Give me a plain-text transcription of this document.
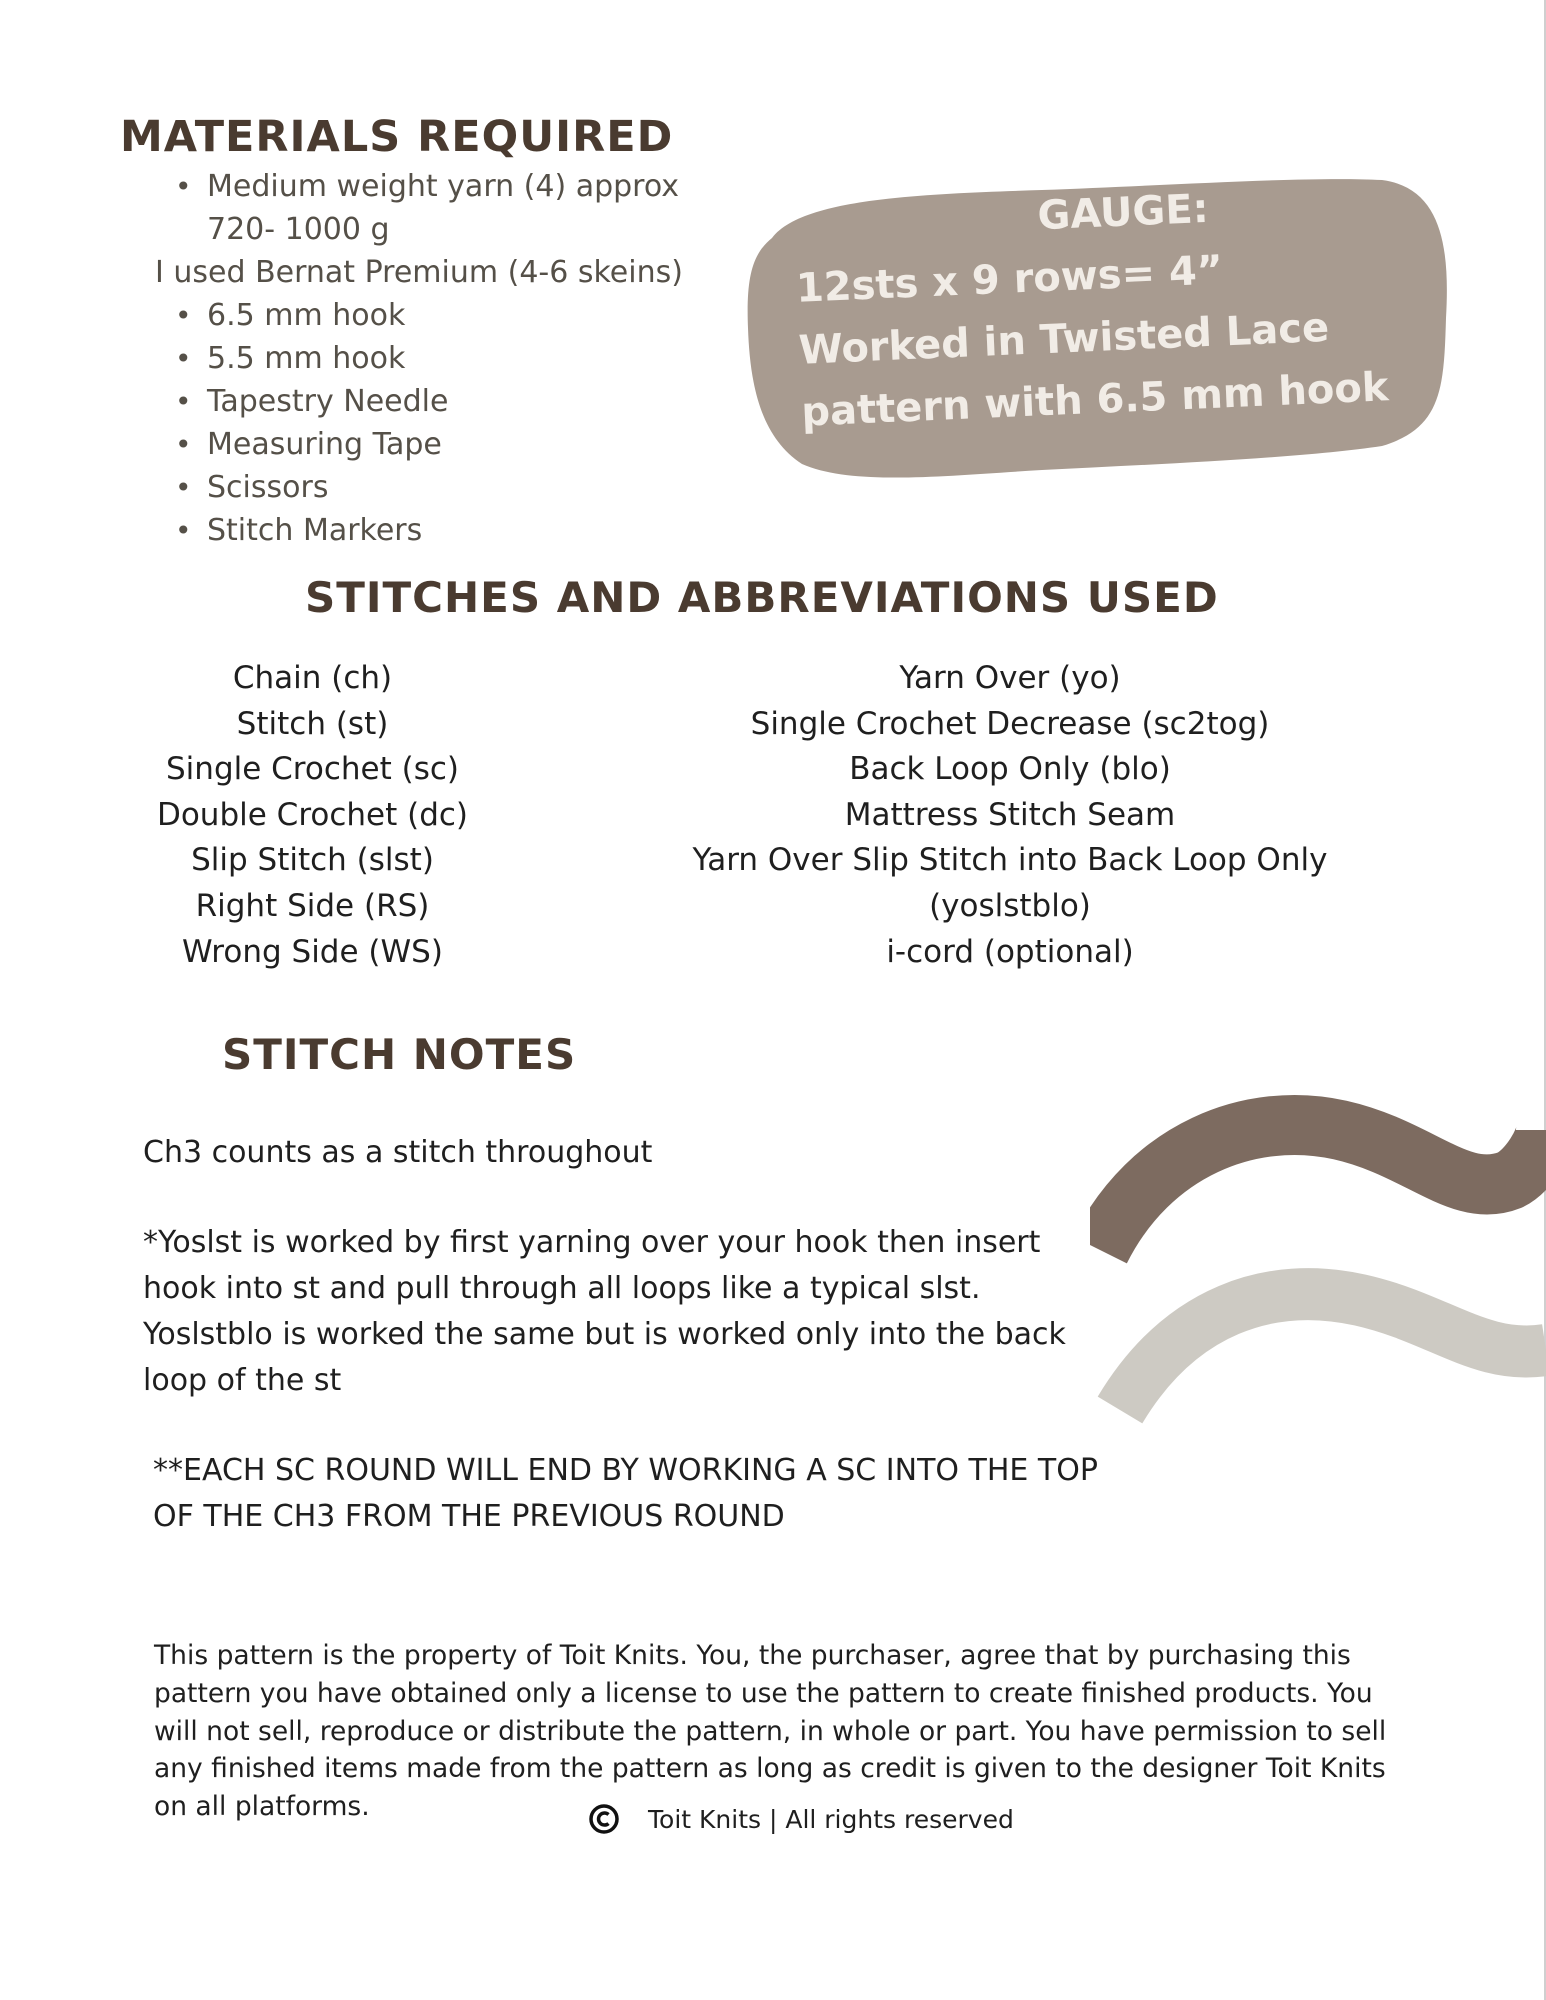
MATERIALS REQUIRED
• Medium weight yarn (4) approx
720- 1000 g
I used Bernat Premium (4-6 skeins)
• 6.5 mm hook
• 5.5 mm hook
• Tapestry Needle
• Measuring Tape
• Scissors
• Stitch Markers
GAUGE:
12sts x 9 rows= 4”
Worked in Twisted Lace
pattern with 6.5 mm hook
STITCHES AND ABBREVIATIONS USED
Chain (ch)
Stitch (st)
Single Crochet (sc)
Double Crochet (dc)
Slip Stitch (slst)
Right Side (RS)
Wrong Side (WS)
Yarn Over (yo)
Single Crochet Decrease (sc2tog)
Back Loop Only (blo)
Mattress Stitch Seam
Yarn Over Slip Stitch into Back Loop Only
(yoslstblo)
i-cord (optional)
STITCH NOTES

Ch3 counts as a stitch throughout

*Yoslst is worked by first yarning over your hook then insert hook into st and pull through all loops like a typical slst. Yoslstblo is worked the same but is worked only into the back loop of the st

**EACH SC ROUND WILL END BY WORKING A SC INTO THE TOP OF THE CH3 FROM THE PREVIOUS ROUND

This pattern is the property of Toit Knits. You, the purchaser, agree that by purchasing this pattern you have obtained only a license to use the pattern to create finished products. You will not sell, reproduce or distribute the pattern, in whole or part. You have permission to sell any finished items made from the pattern as long as credit is given to the designer Toit Knits on all platforms.	Toit Knits | All rights reserved
